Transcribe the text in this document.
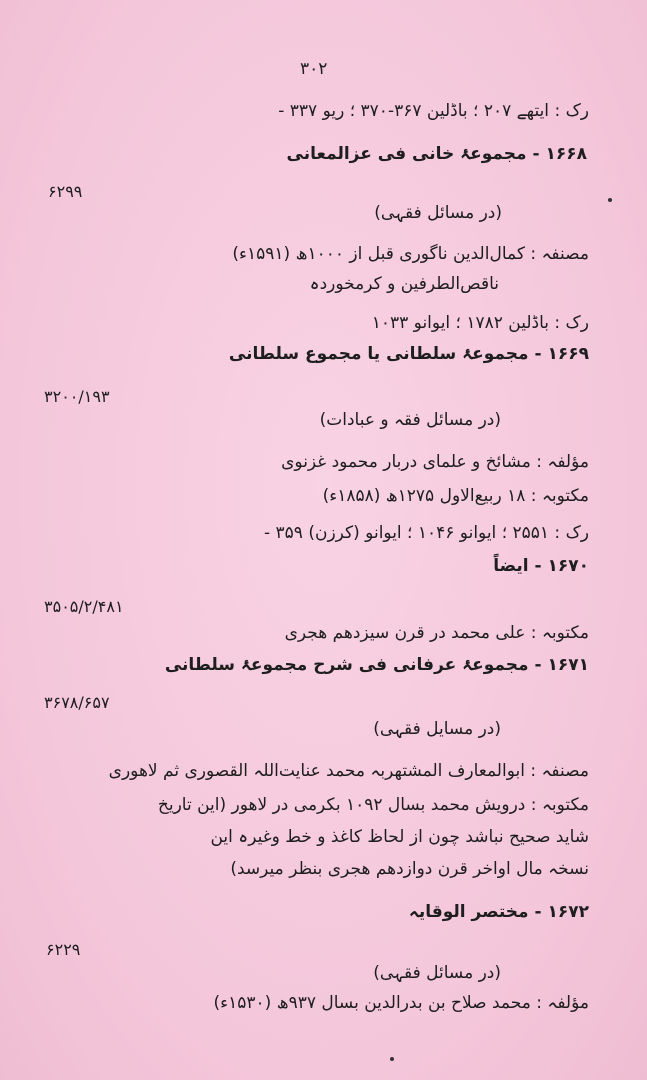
۳۰۲
رک : ایتھے ۲۰۷ ؛ باڈلین ۳۶۷-۳۷۰ ؛ ریو ۳۳۷ -
۱۶۶۸ - مجموعۂ خانی فی عزالمعانی
۶۲۹۹
(در مسائل فقہی)
مصنفہ : کمال‌الدین ناگوری قبل از ۱۰۰۰ھ (۱۵۹۱ء)
ناقص‌الطرفین و کرمخوردہ
رک : باڈلین ۱۷۸۲ ؛ ایوانو ۱۰۳۳
۱۶۶۹ - مجموعۂ سلطانی یا مجموع سلطانی
۳۲۰۰/۱۹۳
(در مسائل فقہ و عبادات)
مؤلفہ : مشائخ و علمای دربار محمود غزنوی
مکتوبہ : ۱۸ ربیع‌الاول ۱۲۷۵ھ (۱۸۵۸ء)
رک : ۲۵۵۱ ؛ ایوانو ۱۰۴۶ ؛ ایوانو (کرزن) ۳۵۹ -
۱۶۷۰ - ایضاً
۳۵۰۵/۲/۴۸۱
مکتوبہ : علی محمد در قرن سیزدھم ھجری
۱۶۷۱ - مجموعۂ عرفانی فی شرح مجموعۂ سلطانی
۳۶۷۸/۶۵۷
(در مسایل فقہی)
مصنفہ : ابوالمعارف المشتھربہ محمد عنایت‌اللہ القصوری ثم لاھوری
مکتوبہ : درویش محمد بسال ۱۰۹۲ بکرمی در لاھور (این تاریخ
شاید صحیح نباشد چون از لحاظ کاغذ و خط وغیرہ این
نسخہ مال اواخر قرن دوازدھم ھجری بنظر میرسد)
۱۶۷۲ - مختصر الوقایہ
۶۲۲۹
(در مسائل فقہی)
مؤلفہ : محمد صلاح بن بدرالدین بسال ۹۳۷ھ (۱۵۳۰ء)
